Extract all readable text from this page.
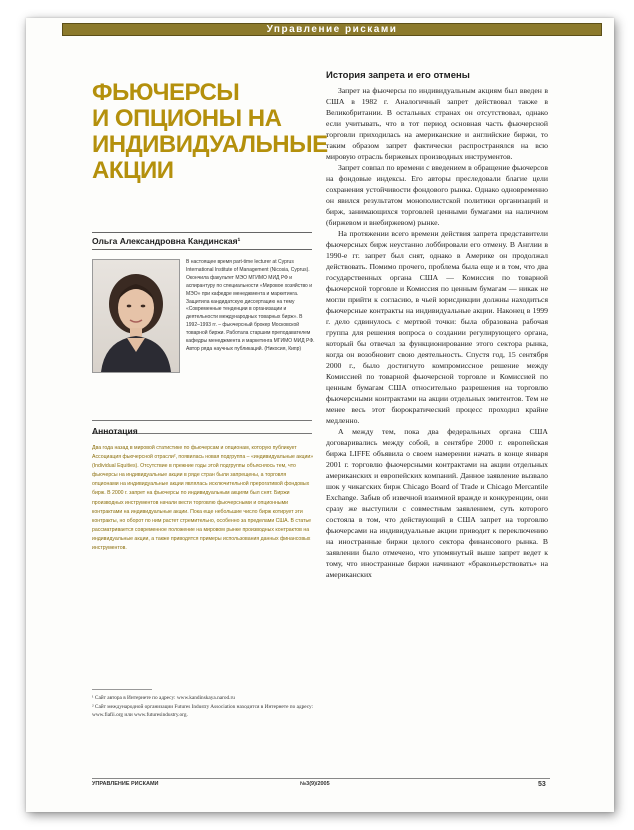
Управление рисками
ФЬЮЧЕРСЫ
И ОПЦИОНЫ НА
ИНДИВИДУАЛЬНЫЕ
АКЦИИ
Ольга Александровна Кандинская¹

В настоящее время part-time lecturer at Cyprus International Institute of Management (Nicosia, Cyprus). Окончила факультет МЭО МГИМО МИД РФ и аспирантуру по специальности «Мировое хозяйство и МЭО» при кафедре менеджмента и маркетинга. Защитила кандидатскую диссертацию на тему «Современные тенденции в организации и деятельности международных товарных бирж». В 1992–1993 гг. – фьючерсный брокер Московской товарной биржи. Работала старшим преподавателем кафедры менеджмента и маркетинга МГИМО МИД РФ. Автор ряда научных публикаций. (Никосия, Кипр)

Аннотация

Два года назад в мировой статистике по фьючерсам и опционам, которую публикует Ассоциация фьючерсной отрасли², появилась новая подгруппа – «индивидуальные акции» (Individual Equities). Отсутствие в прежние годы этой подгруппы объясняось тем, что фьючерсы на индивидуальные акции в ряде стран были запрещены, а торговля опционами на индивидуальные акции являлась исключительной прерогативой фондовых бирж. В 2000 г. запрет на фьючерсы по индивидуальным акциям был снят. Биржи производных инструментов начали вести торговлю фьючерсными и опционными контрактами на индивидуальные акции. Пока еще небольшие число бирж котирует эти контракты, но оборот по ним растет стремительно, особенно за пределами США. В статье рассматривается современное положение на мировом рынке производных контрактов на индивидуальные акции, а также приводятся примеры использования данных финансовых инструментов.

¹ Сайт автора в Интернете по адресу: www.kandinskaya.narod.ru

² Сайт международной организации Futures Industry Association находится в Интернете по адресу: www.fiafii.org или www.futuresindustry.org.

История запрета и его отмены

Запрет на фьючерсы по индивидуальным акциям был введен в США в 1982 г. Аналогичный запрет действовал также в Великобритании. В остальных странах он отсутствовал, однако если учитывать, что в тот период основная часть фьючерсной торговли приходилась на американские и английские биржи, то таким образом запрет фактически распространялся на всю мировую отрасль биржевых производных инструментов.

Запрет совпал по времени с введением в обращение фьючерсов на фондовые индексы. Его авторы преследовали благие цели сохранения устойчивости фондового рынка. Однако одновременно он явился результатом монополистской политики организаций и бирж, занимающихся торговлей ценными бумагами на наличном (биржевом и внебиржевом) рынке.

На протяжении всего времени действия запрета представители фьючерсных бирж неустанно лоббировали его отмену. В Англии в 1990-е гг. запрет был снят, однако в Америке он продолжал действовать. Помимо прочего, проблема была еще и в том, что два государственных органа США — Комиссия по товарной фьючерсной торговле и Комиссия по ценным бумагам — никак не могли прийти к согласию, в чьей юрисдикции должны находиться фьючерсные контракты на индивидуальные акции. Наконец в 1999 г. дело сдвинулось с мертвой точки: была образована рабочая группа для решения вопроса о создании регулирующего органа, который бы отвечал за функционирование этого сектора рынка, когда он возобновит свою деятельность. Спустя год, 15 сентября 2000 г., было достигнуто компромиссное решение между Комиссией по товарной фьючерсной торговле и Комиссией по ценным бумагам США относительно разрешения на торговлю фьючерсными контрактами на акции отдельных эмитентов. Тем не менее весь этот бюрократический процесс проходил крайне медленно.

А между тем, пока два федеральных органа США договаривались между собой, в сентябре 2000 г. европейская биржа LIFFE объявила о своем намерении начать в конце января 2001 г. торговлю фьючерсными контрактами на акции отдельных американских и европейских компаний. Данное заявление вызвало шок у чикагских бирж Chicago Board of Trade и Chicago Mercantile Exchange. Забыв об извечной взаимной вражде и конкуренции, они сразу же выступили с совместным заявлением, суть которого состояла в том, что действующий в США запрет на торговлю фьючерсами на индивидуальные акции приводит к переключению на иностранные биржи целого сектора финансового рынка. В заявлении было отмечено, что упомянутый выше запрет ведет к тому, что иностранные биржи начинают «браконьерствовать» на американских

УПРАВЛЕНИЕ РИСКАМИ	№3(9)/2005	53
